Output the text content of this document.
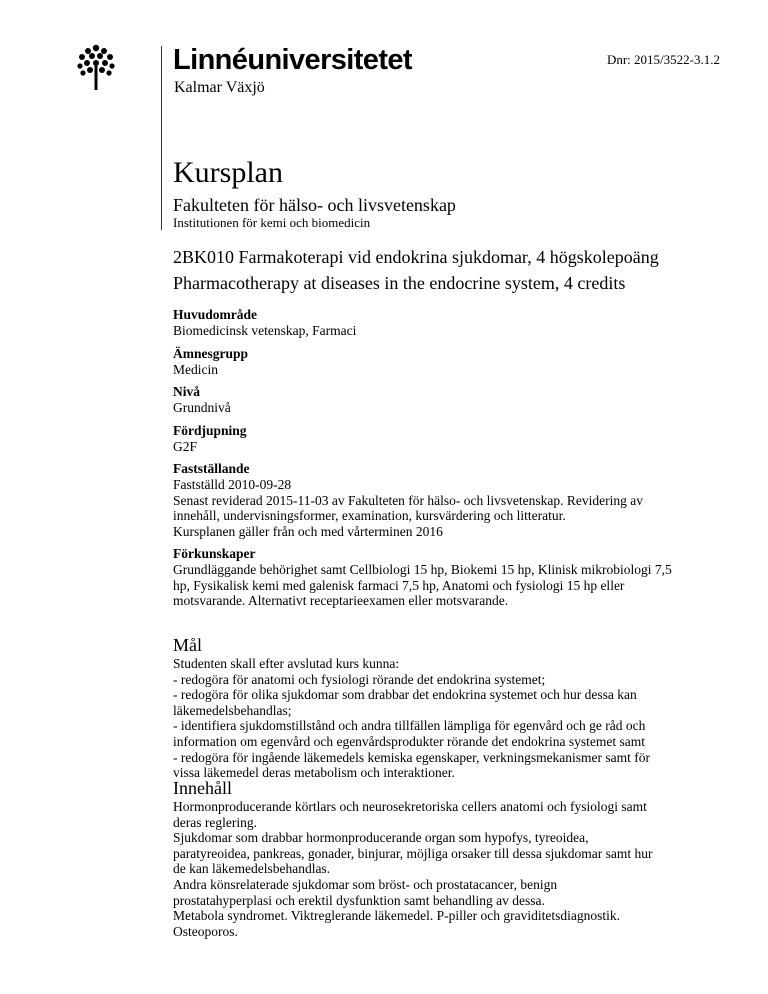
Linnéuniversitetet
Kalmar Växjö
Dnr: 2015/3522-3.1.2
Kursplan
Fakulteten för hälso- och livsvetenskap
Institutionen för kemi och biomedicin
2BK010 Farmakoterapi vid endokrina sjukdomar, 4 högskolepoäng
Pharmacotherapy at diseases in the endocrine system, 4 credits
Huvudområde
Biomedicinsk vetenskap, Farmaci
Ämnesgrupp
Medicin
Nivå
Grundnivå
Fördjupning
G2F
Fastställande
Fastställd 2010-09-28
Senast reviderad 2015-11-03 av Fakulteten för hälso- och livsvetenskap. Revidering av
innehåll, undervisningsformer, examination, kursvärdering och litteratur.
Kursplanen gäller från och med vårterminen 2016
Förkunskaper
Grundläggande behörighet samt Cellbiologi 15 hp, Biokemi 15 hp, Klinisk mikrobiologi 7,5
hp, Fysikalisk kemi med galenisk farmaci 7,5 hp, Anatomi och fysiologi 15 hp eller
motsvarande. Alternativt receptarieexamen eller motsvarande.
Mål
Studenten skall efter avslutad kurs kunna:
- redogöra för anatomi och fysiologi rörande det endokrina systemet;
- redogöra för olika sjukdomar som drabbar det endokrina systemet och hur dessa kan
läkemedelsbehandlas;
- identifiera sjukdomstillstånd och andra tillfällen lämpliga för egenvård och ge råd och
information om egenvård och egenvårdsprodukter rörande det endokrina systemet samt
- redogöra för ingående läkemedels kemiska egenskaper, verkningsmekanismer samt för
vissa läkemedel deras metabolism och interaktioner.
Innehåll
Hormonproducerande körtlars och neurosekretoriska cellers anatomi och fysiologi samt
deras reglering.
Sjukdomar som drabbar hormonproducerande organ som hypofys, tyreoidea,
paratyreoidea, pankreas, gonader, binjurar, möjliga orsaker till dessa sjukdomar samt hur
de kan läkemedelsbehandlas.
Andra könsrelaterade sjukdomar som bröst- och prostatacancer, benign
prostatahyperplasi och erektil dysfunktion samt behandling av dessa.
Metabola syndromet. Viktreglerande läkemedel. P-piller och graviditetsdiagnostik.
Osteoporos.
